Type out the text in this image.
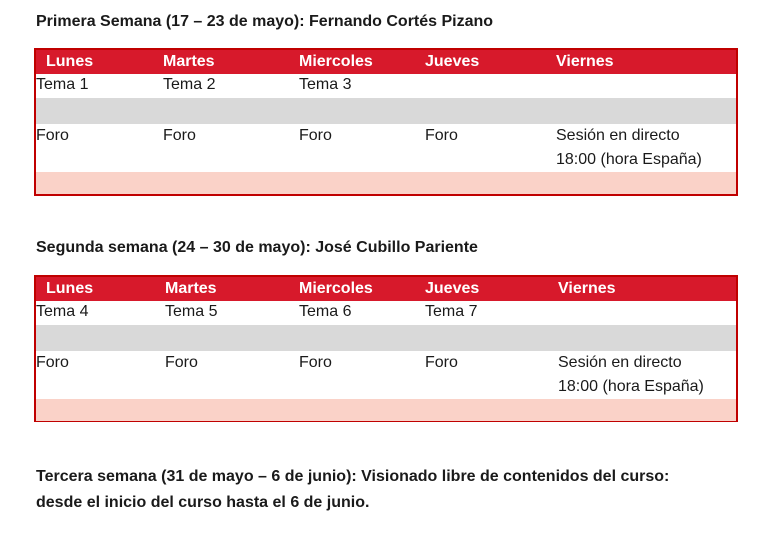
Primera Semana (17 – 23 de mayo): Fernando Cortés Pizano

Lunes	Martes	Miercoles	Jueves	Viernes
Tema 1	Tema 2	Tema 3
Foro	Foro	Foro	Foro	Sesión en directo
18:00 (hora España)

Segunda semana (24 – 30 de mayo): José Cubillo Pariente

Lunes	Martes	Miercoles	Jueves	Viernes
Tema 4	Tema 5	Tema 6	Tema 7
Foro	Foro	Foro	Foro	Sesión en directo
18:00 (hora España)

Tercera semana (31 de mayo – 6 de junio): Visionado libre de contenidos del curso:
desde el inicio del curso hasta el 6 de junio.
